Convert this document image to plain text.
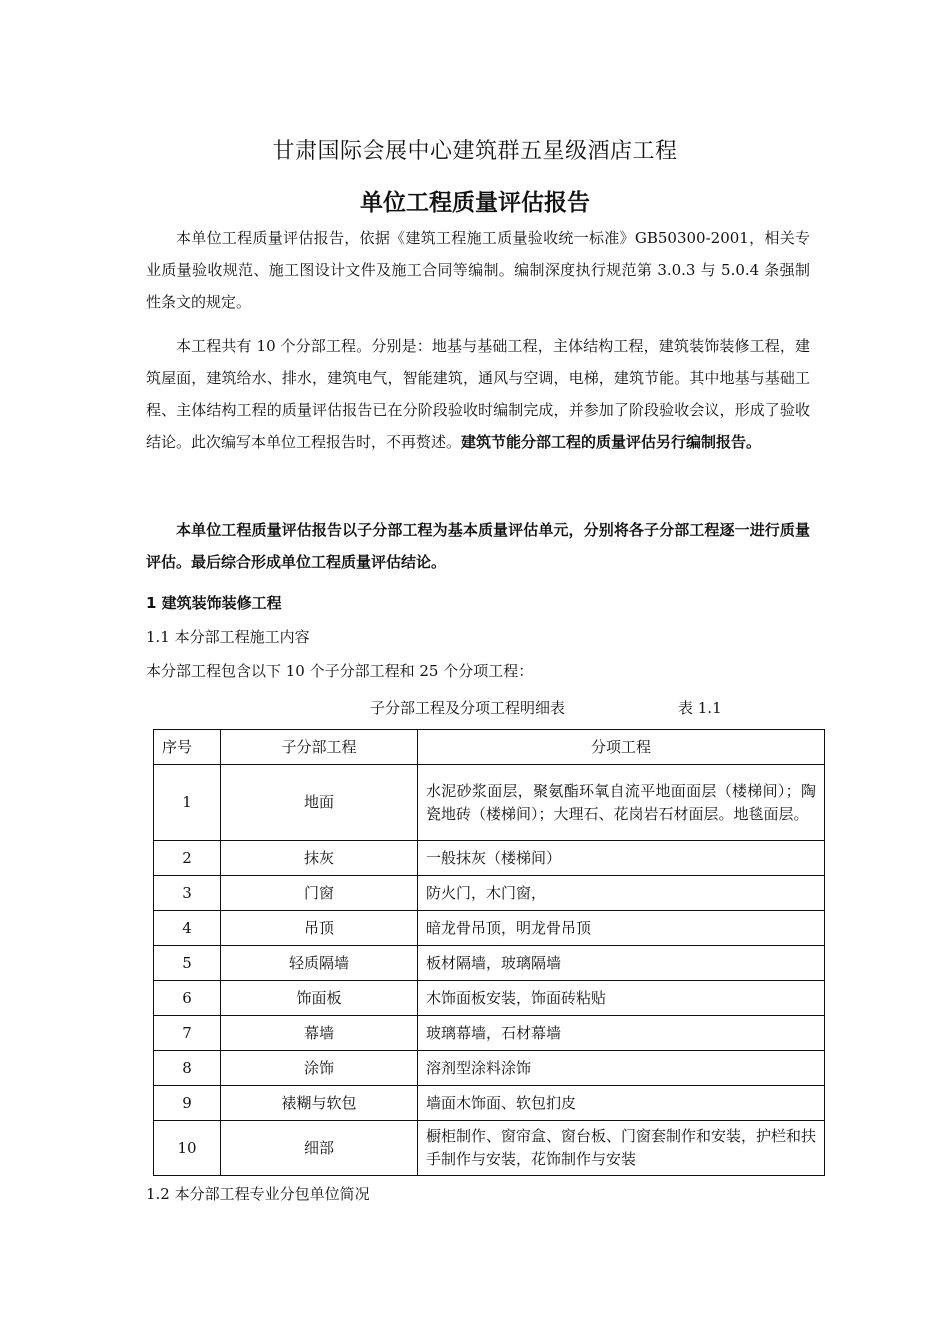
甘肃国际会展中心建筑群五星级酒店工程
单位工程质量评估报告

本单位工程质量评估报告，依据《建筑工程施工质量验收统一标准》GB50300-2001，相关专业质量验收规范、施工图设计文件及施工合同等编制。编制深度执行规范第 3.0.3 与 5.0.4 条强制性条文的规定。

本工程共有 10 个分部工程。分别是：地基与基础工程，主体结构工程，建筑装饰装修工程，建筑屋面，建筑给水、排水，建筑电气，智能建筑，通风与空调，电梯，建筑节能。其中地基与基础工程、主体结构工程的质量评估报告已在分阶段验收时编制完成，并参加了阶段验收会议，形成了验收结论。此次编写本单位工程报告时，不再赘述。建筑节能分部工程的质量评估另行编制报告。

本单位工程质量评估报告以子分部工程为基本质量评估单元，分别将各子分部工程逐一进行质量评估。最后综合形成单位工程质量评估结论。

1 建筑装饰装修工程
1.1 本分部工程施工内容
本分部工程包含以下 10 个子分部工程和 25 个分项工程：
子分部工程及分项工程明细表	表 1.1
序号	子分部工程	分项工程
1	地面	水泥砂浆面层，聚氨酯环氧自流平地面面层（楼梯间）；陶瓷地砖（楼梯间）；大理石、花岗岩石材面层。地毯面层。
2	抹灰	一般抹灰（楼梯间）
3	门窗	防火门，木门窗，
4	吊顶	暗龙骨吊顶，明龙骨吊顶
5	轻质隔墙	板材隔墙，玻璃隔墙
6	饰面板	木饰面板安装，饰面砖粘贴
7	幕墙	玻璃幕墙，石材幕墙
8	涂饰	溶剂型涂料涂饰
9	裱糊与软包	墙面木饰面、软包扪皮
10	细部	橱柜制作、窗帘盒、窗台板、门窗套制作和安装，护栏和扶手制作与安装，花饰制作与安装
1.2 本分部工程专业分包单位简况
